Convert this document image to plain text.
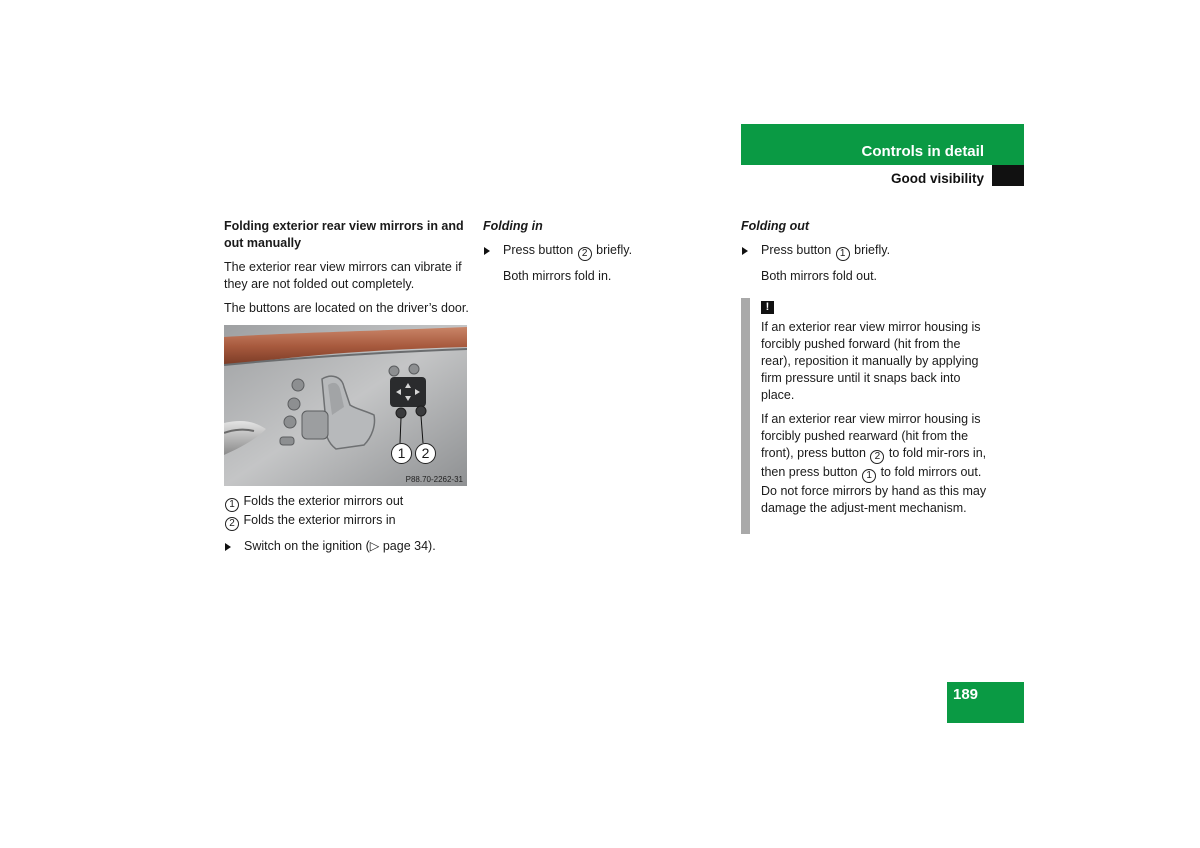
Controls in detail
Good visibility
Folding exterior rear view mirrors in and out manually

The exterior rear view mirrors can vibrate if they are not folded out completely.

The buttons are located on the driver’s door.

1	2
P88.70-2262-31
1 Folds the exterior mirrors out
2 Folds the exterior mirrors in
Switch on the ignition (▷ page 34).
Folding in
Press button 2 briefly.
Both mirrors fold in.
Folding out
Press button 1 briefly.
Both mirrors fold out.
!

If an exterior rear view mirror housing is forcibly pushed forward (hit from the rear), reposition it manually by applying firm pressure until it snaps back into place.

If an exterior rear view mirror housing is forcibly pushed rearward (hit from the front), press button 2 to fold mir-rors in, then press button 1 to fold mirrors out. Do not force mirrors by hand as this may damage the adjust-ment mechanism.

189
